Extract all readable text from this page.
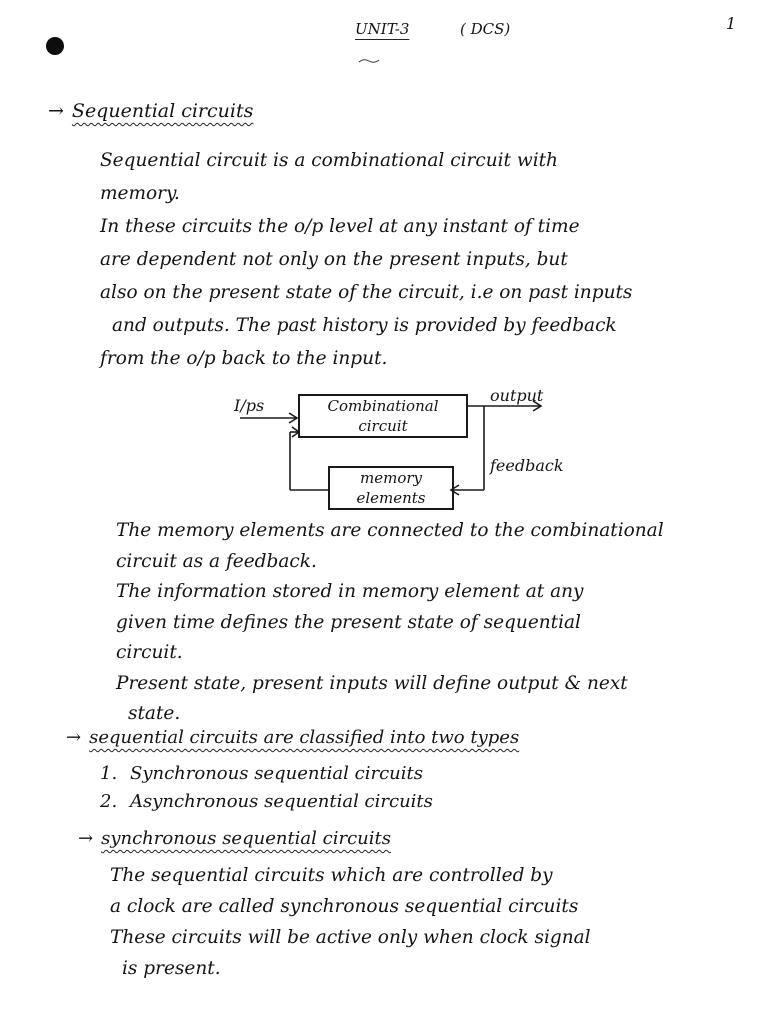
UNIT-3	( DCS)	1
→ Sequential circuits
Sequential circuit is a combinational circuit with
memory.
In these circuits the o/p level at any instant of time
are dependent not only on the present inputs, but
also on the present state of the circuit, i.e on past inputs
and outputs. The past history is provided by feedback
from the o/p back to the input.
I/ps	Combinational
circuit
output
memory
elements
feedback
The memory elements are connected to the combinational
circuit as a feedback.
The information stored in memory element at any
given time defines the present state of sequential
circuit.
Present state, present inputs will define output & next
state.
→ sequential circuits are classified into two types
1. Synchronous sequential circuits
2. Asynchronous sequential circuits
→ synchronous sequential circuits
The sequential circuits which are controlled by
a clock are called synchronous sequential circuits
These circuits will be active only when clock signal
is present.
